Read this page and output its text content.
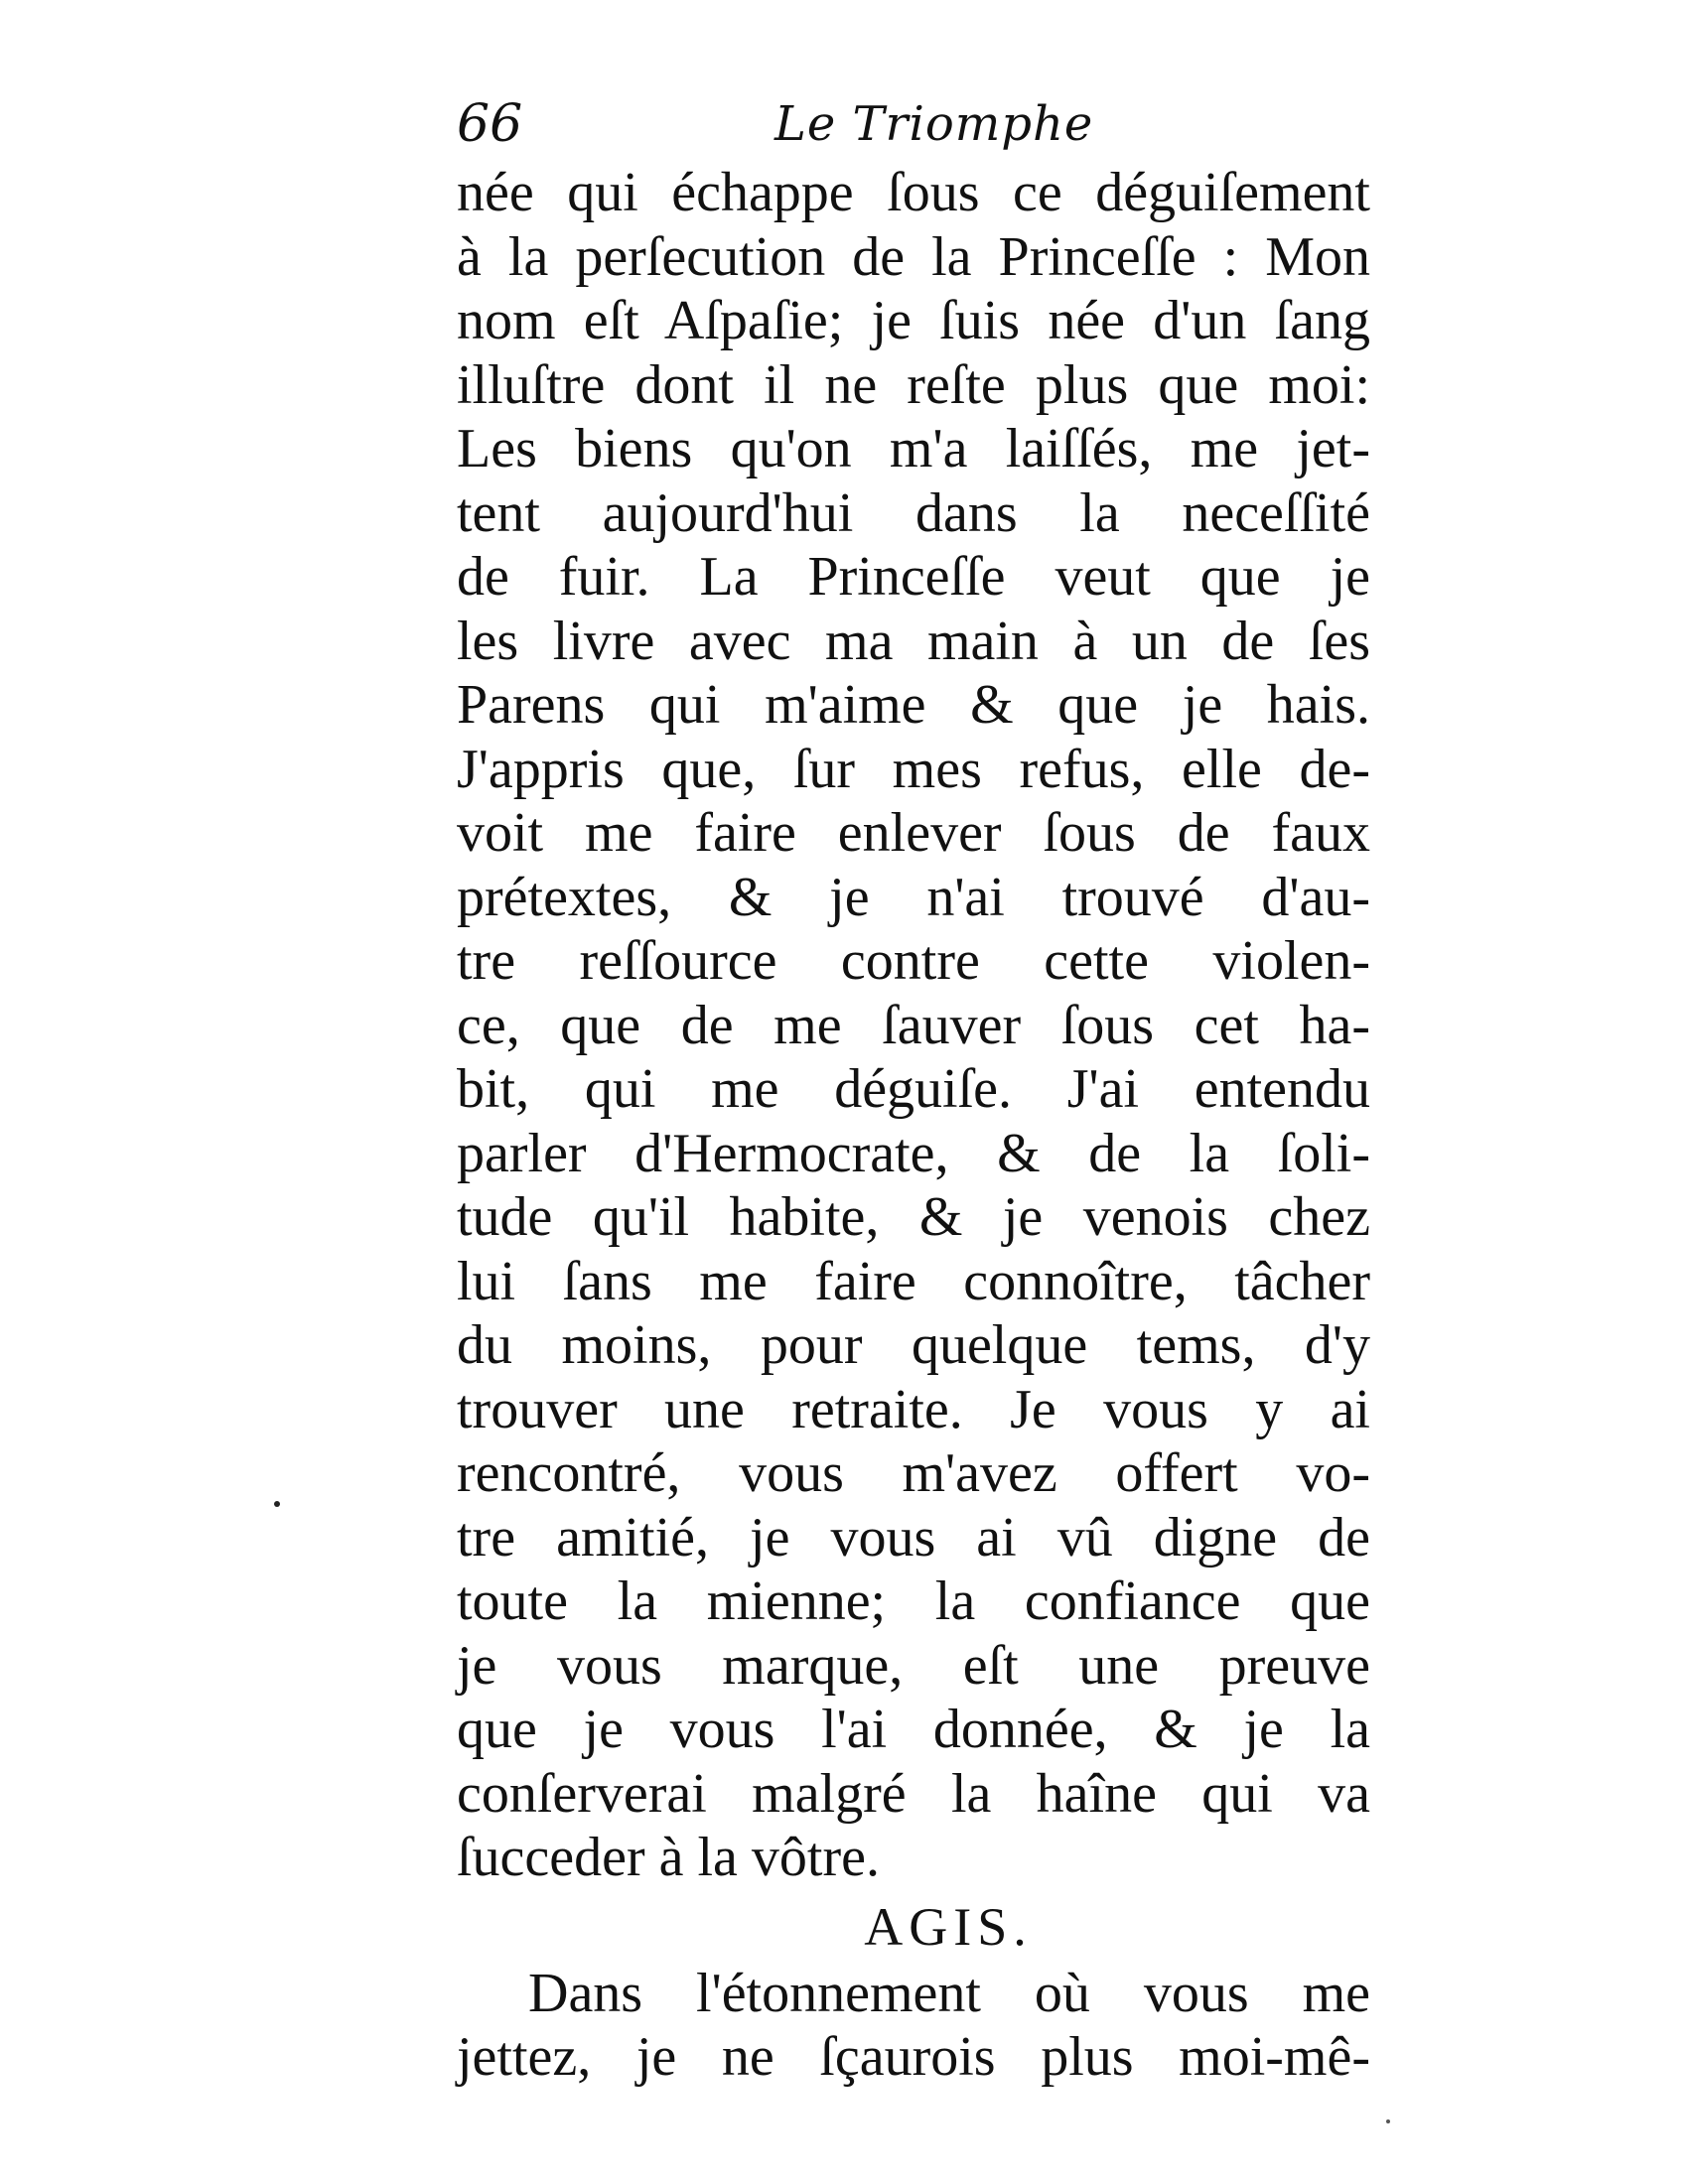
66	Le Triomphe
née qui échappe ſous ce déguiſement
à la perſecution de la Princeſſe : Mon
nom eſt Aſpaſie; je ſuis née d'un ſang
illuſtre dont il ne reſte plus que moi:
Les biens qu'on m'a laiſſés, me jet-
tent aujourd'hui dans la neceſſité
de fuir. La Princeſſe veut que je
les livre avec ma main à un de ſes
Parens qui m'aime & que je hais.
J'appris que, ſur mes refus, elle de-
voit me faire enlever ſous de faux
prétextes, & je n'ai trouvé d'au-
tre reſſource contre cette violen-
ce, que de me ſauver ſous cet ha-
bit, qui me déguiſe. J'ai entendu
parler d'Hermocrate, & de la ſoli-
tude qu'il habite, & je venois chez
lui ſans me faire connoître, tâcher
du moins, pour quelque tems, d'y
trouver une retraite. Je vous y ai
rencontré, vous m'avez offert vo-
tre amitié, je vous ai vû digne de
toute la mienne; la confiance que
je vous marque, eſt une preuve
que je vous l'ai donnée, & je la
conſerverai malgré la haîne qui va
ſucceder à la vôtre.
AGIS.
Dans l'étonnement où vous me
jettez, je ne ſçaurois plus moi-mê-
